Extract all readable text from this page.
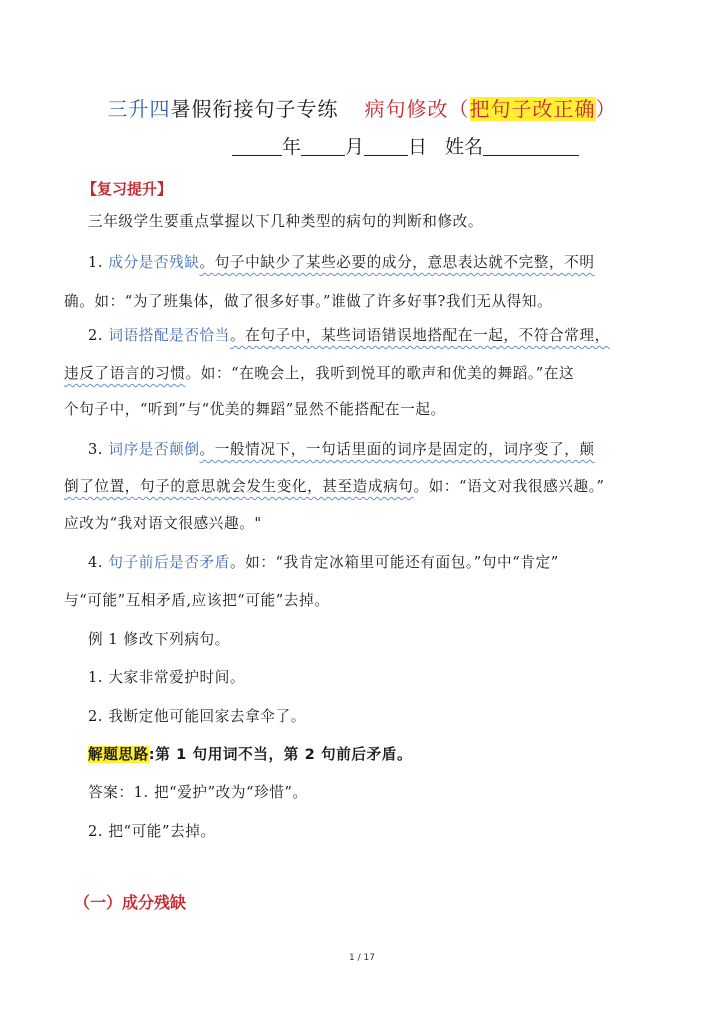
三升四暑假衔接句子专练 病句修改（把句子改正确）
年 月 日 姓名
【复习提升】
三年级学生要重点掌握以下几种类型的病句的判断和修改。
1. 成分是否残缺。句子中缺少了某些必要的成分，意思表达就不完整，不明
确。如：“为了班集体，做了很多好事。”谁做了许多好事?我们无从得知。
2. 词语搭配是否恰当。在句子中，某些词语错误地搭配在一起，不符合常理，
违反了语言的习惯。如：“在晚会上，我听到悦耳的歌声和优美的舞蹈。”在这
个句子中，“听到”与“优美的舞蹈”显然不能搭配在一起。
3. 词序是否颠倒。一般情况下，一句话里面的词序是固定的，词序变了，颠
倒了位置，句子的意思就会发生变化，甚至造成病句。如：“语文对我很感兴趣。”
应改为“我对语文很感兴趣。"
4. 句子前后是否矛盾。如：“我肯定冰箱里可能还有面包。”句中“肯定”
与“可能”互相矛盾,应该把“可能”去掉。
例 1 修改下列病句。
1. 大家非常爱护时间。
2. 我断定他可能回家去拿伞了。
解题思路:第 1 句用词不当，第 2 句前后矛盾。
答案：1. 把“爱护”改为“珍惜”。
2. 把“可能”去掉。
（一）成分残缺
1 / 17
